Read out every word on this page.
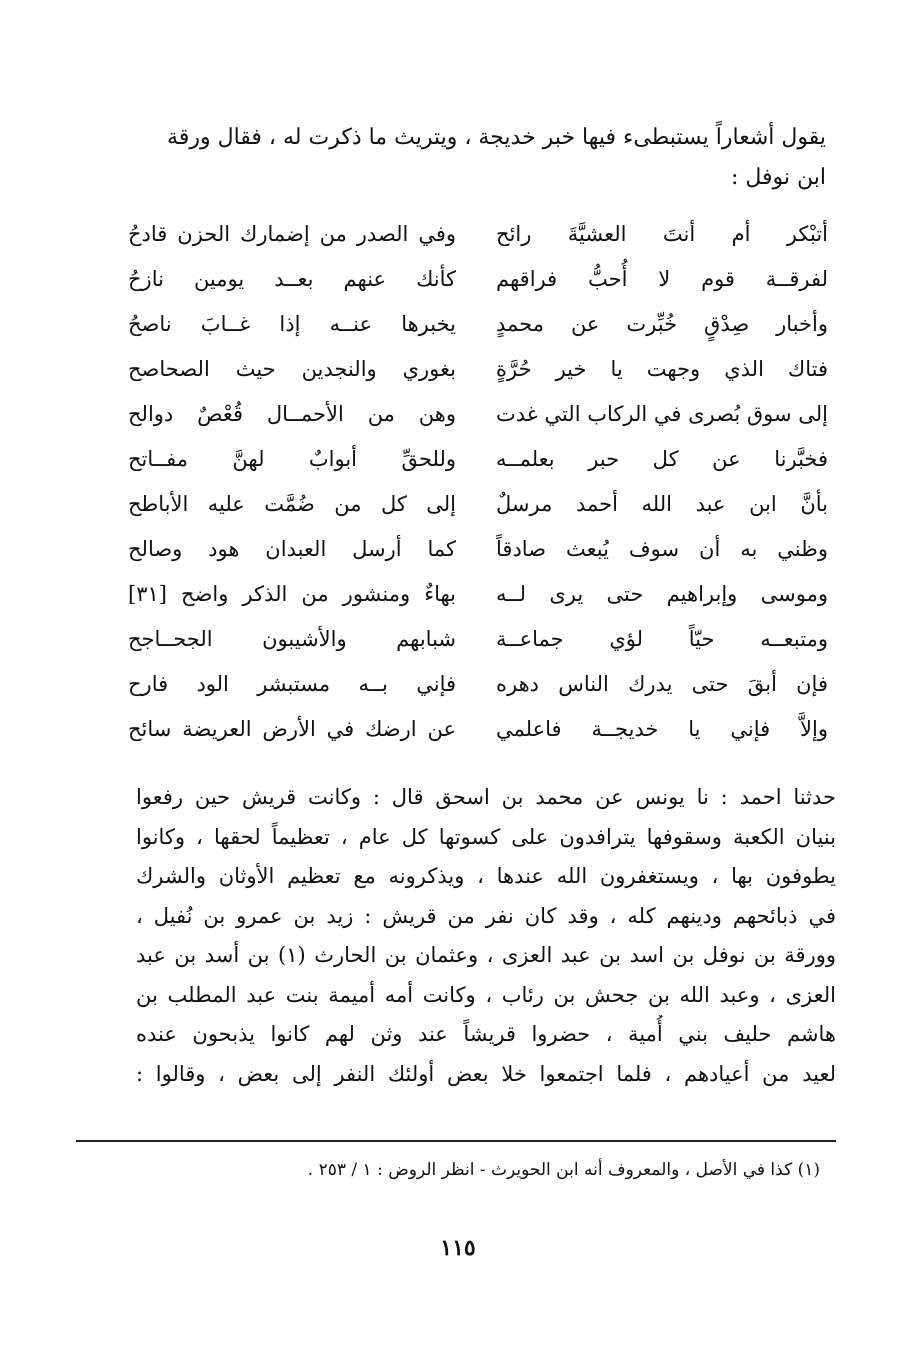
يقول أشعاراً يستبطىء فيها خبر خديجة ، ويتريث ما ذكرت له ، فقال ورقة
ابن نوفل :
أتبْكر أم أنتَ العشيَّةَ رائح
لفرقــة قوم لا أُحبُّ فراقهم
وأخبار صِدْقٍ خُبِّرت عن محمدٍ
فتاك الذي وجهت يا خير حُرَّةٍ
إلى سوق بُصرى في الركاب التي غدت
فخبَّرنا عن كل حبر بعلمــه
بأنَّ ابن عبد الله أحمد مرسلٌ
وظني به أن سوف يُبعث صادقاً
وموسى وإبراهيم حتى يرى لــه
ومتبعــه حيّاً لؤي جماعــة
فإن أبقَ حتى يدرك الناس دهره
وإلاَّ فإني يا خديجــة فاعلمي
وفي الصدر من إضمارك الحزن قادحُ
كأنك عنهم بعــد يومين نازحُ
يخبرها عنــه إذا غــابَ ناصحُ
بغوري والنجدين حيث الصحاصح
وهن من الأحمــال قُعْصٌ دوالح
وللحقِّ أبوابٌ لهنَّ مفــاتح
إلى كل من ضُمَّت عليه الأباطح
كما أرسل العبدان هود وصالح
بهاءٌ ومنشور من الذكر واضح [٣١]
شبابهم والأشيبون الجحــاجح
فإني بــه مستبشر الود فارح
عن ارضك في الأرض العريضة سائح
حدثنا احمد : نا يونس عن محمد بن اسحق قال : وكانت قريش حين رفعوا
بنيان الكعبة وسقوفها يترافدون على كسوتها كل عام ، تعظيماً لحقها ، وكانوا
يطوفون بها ، ويستغفرون الله عندها ، ويذكرونه مع تعظيم الأوثان والشرك
في ذبائحهم ودينهم كله ، وقد كان نفر من قريش : زيد بن عمرو بن نُفيل ،
وورقة بن نوفل بن اسد بن عبد العزى ، وعثمان بن الحارث (١) بن أسد بن عبد
العزى ، وعبد الله بن جحش بن رئاب ، وكانت أمه أميمة بنت عبد المطلب بن
هاشم حليف بني أُمية ، حضروا قريشاً عند وثن لهم كانوا يذبحون عنده
لعيد من أعيادهم ، فلما اجتمعوا خلا بعض أولئك النفر إلى بعض ، وقالوا :
(١) كذا في الأصل ، والمعروف أنه ابن الحويرث - انظر الروض : ١ / ٢٥٣ .
١١٥
